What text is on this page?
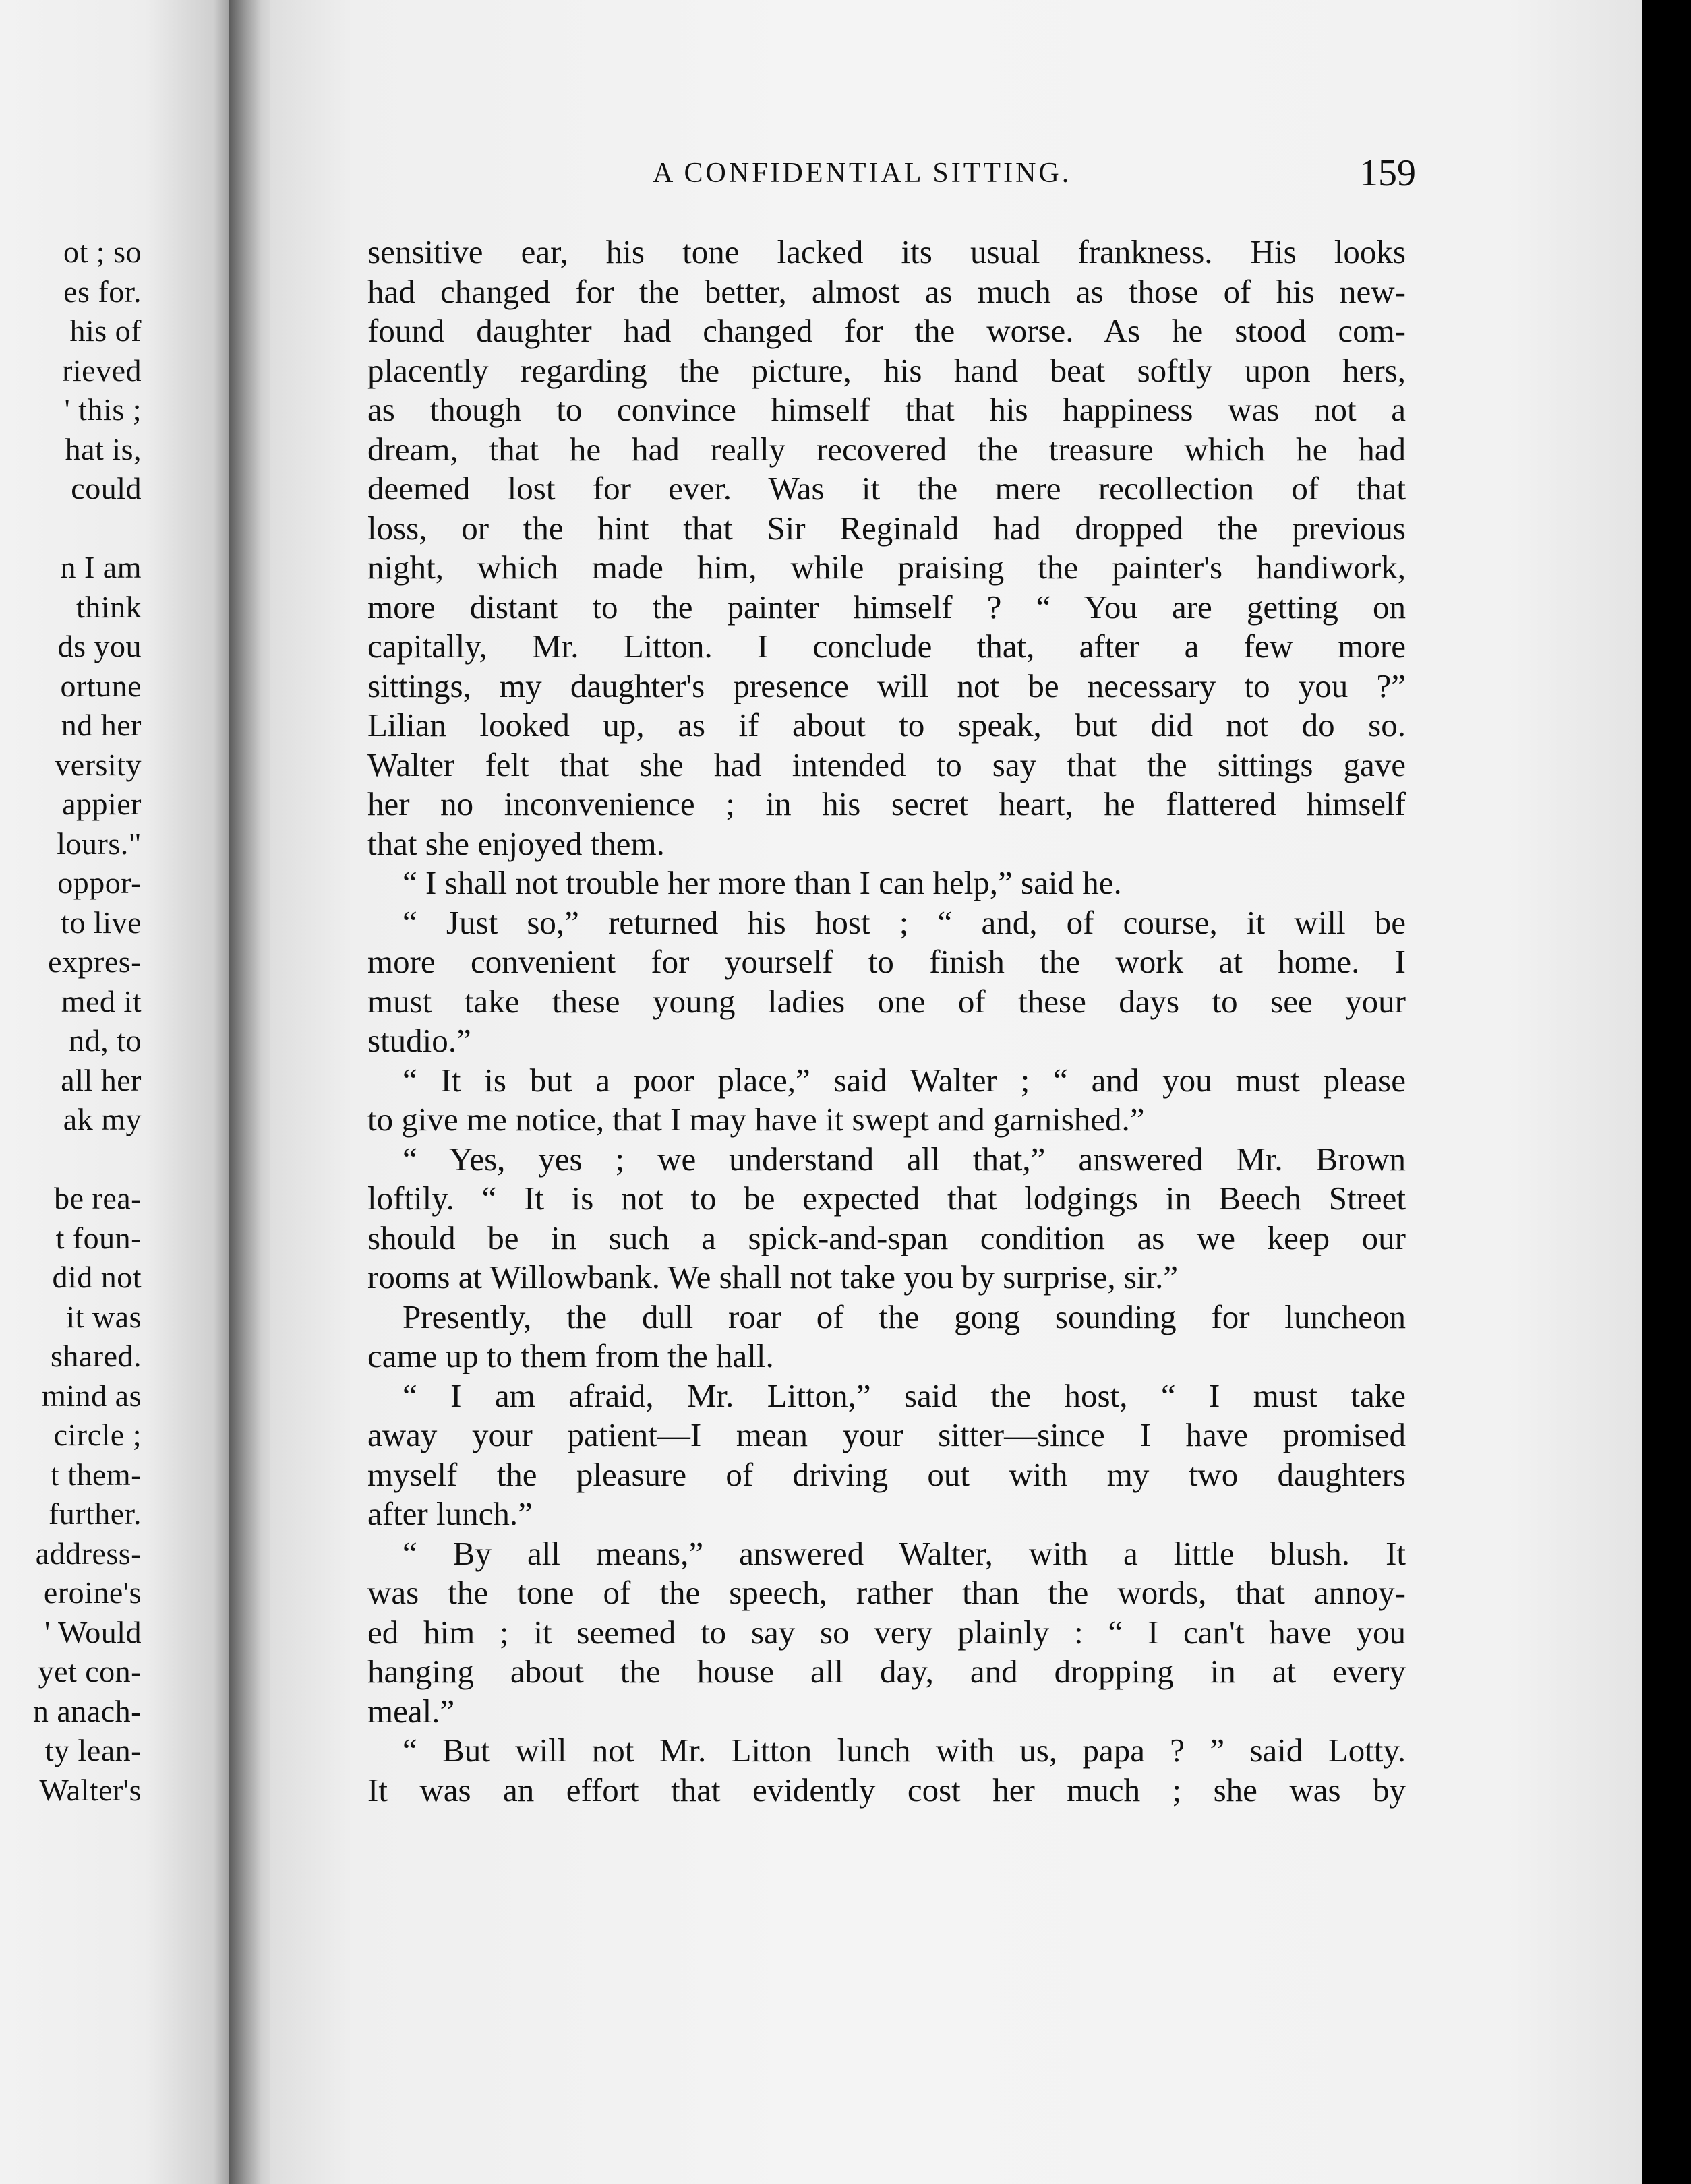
ot ; so
es for.
his of
rieved
' this ;
hat is,
could
n I am
think
ds you
ortune
nd her
versity
appier
lours."
oppor-
to live
expres-
med it
nd, to
all her
ak my
be rea-
t foun-
did not
it was
shared.
mind as
circle ;
t them-
further.
address-
eroine's
' Would
yet con-
n anach-
ty lean-
Walter's
A CONFIDENTIAL SITTING.	159
sensitive ear, his tone lacked its usual frankness. His looks
had changed for the better, almost as much as those of his new-
found daughter had changed for the worse. As he stood com-
placently regarding the picture, his hand beat softly upon hers,
as though to convince himself that his happiness was not a
dream, that he had really recovered the treasure which he had
deemed lost for ever. Was it the mere recollection of that
loss, or the hint that Sir Reginald had dropped the previous
night, which made him, while praising the painter's handiwork,
more distant to the painter himself ? “ You are getting on
capitally, Mr. Litton. I conclude that, after a few more
sittings, my daughter's presence will not be necessary to you ?”
Lilian looked up, as if about to speak, but did not do so.
Walter felt that she had intended to say that the sittings gave
her no inconvenience ; in his secret heart, he flattered himself
that she enjoyed them.
“ I shall not trouble her more than I can help,” said he.
“ Just so,” returned his host ; “ and, of course, it will be
more convenient for yourself to finish the work at home. I
must take these young ladies one of these days to see your
studio.”
“ It is but a poor place,” said Walter ; “ and you must please
to give me notice, that I may have it swept and garnished.”
“ Yes, yes ; we understand all that,” answered Mr. Brown
loftily. “ It is not to be expected that lodgings in Beech Street
should be in such a spick-and-span condition as we keep our
rooms at Willowbank. We shall not take you by surprise, sir.”
Presently, the dull roar of the gong sounding for luncheon
came up to them from the hall.
“ I am afraid, Mr. Litton,” said the host, “ I must take
away your patient—I mean your sitter—since I have promised
myself the pleasure of driving out with my two daughters
after lunch.”
“ By all means,” answered Walter, with a little blush. It
was the tone of the speech, rather than the words, that annoy-
ed him ; it seemed to say so very plainly : “ I can't have you
hanging about the house all day, and dropping in at every
meal.”
“ But will not Mr. Litton lunch with us, papa ? ” said Lotty.
It was an effort that evidently cost her much ; she was by
